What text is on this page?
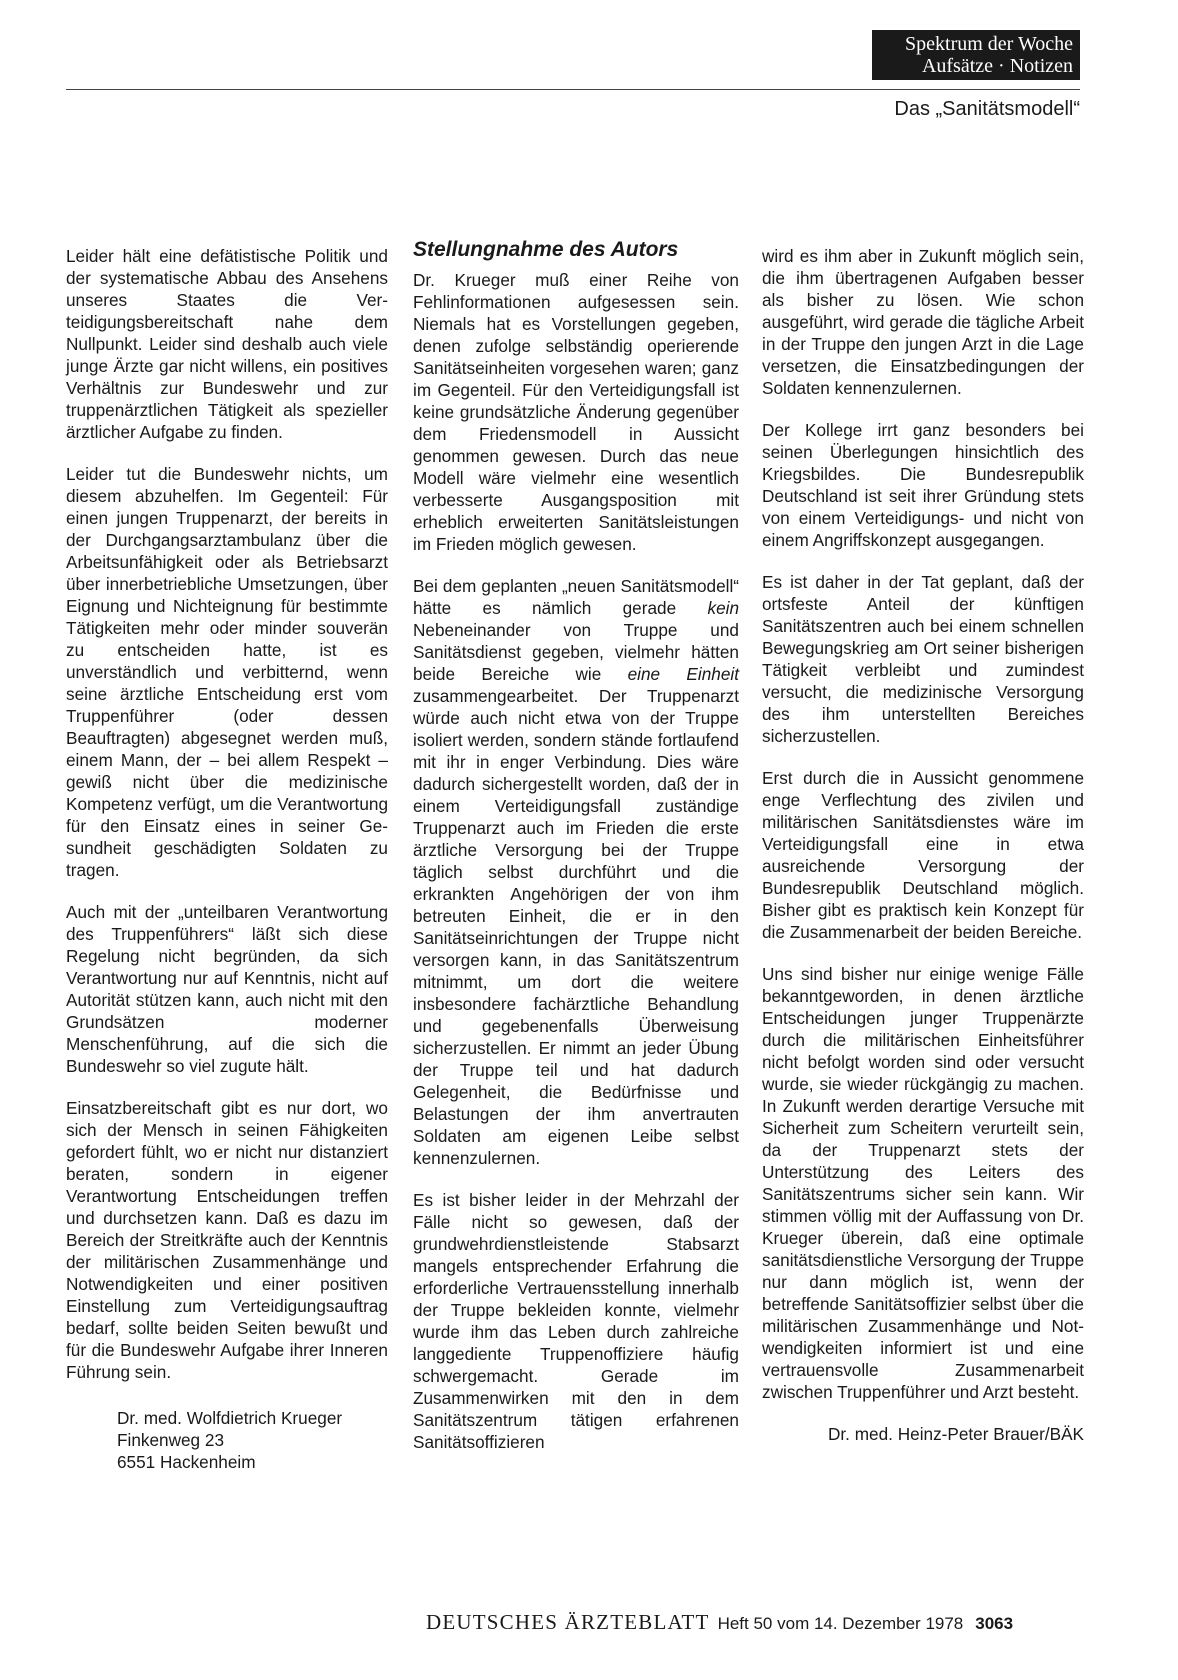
Spektrum der Woche
Aufsätze · Notizen
Das „Sanitätsmodell“

Leider hält eine defätistische Politik und der systematische Abbau des Ansehens unseres Staates die Verteidigungsbereitschaft nahe dem Nullpunkt. Leider sind deshalb auch viele junge Ärzte gar nicht willens, ein positives Verhältnis zur Bundeswehr und zur truppenärztlichen Tätigkeit als spezieller ärztlicher Aufgabe zu finden.

Leider tut die Bundeswehr nichts, um diesem abzuhelfen. Im Gegenteil: Für einen jungen Truppenarzt, der bereits in der Durchgangsarztambulanz über die Arbeitsunfähigkeit oder als Betriebsarzt über innerbetriebliche Umsetzungen, über Eignung und Nichteignung für bestimmte Tätigkeiten mehr oder minder souverän zu entscheiden hatte, ist es unverständlich und verbitternd, wenn seine ärztliche Entscheidung erst vom Truppenführer (oder dessen Beauftragten) abgesegnet werden muß, einem Mann, der – bei allem Respekt – gewiß nicht über die medizinische Kompetenz verfügt, um die Verantwortung für den Einsatz eines in seiner Gesundheit geschädigten Soldaten zu tragen.

Auch mit der „unteilbaren Verantwortung des Truppenführers“ läßt sich diese Regelung nicht begründen, da sich Verantwortung nur auf Kenntnis, nicht auf Autorität stützen kann, auch nicht mit den Grundsätzen moderner Menschenführung, auf die sich die Bundeswehr so viel zugute hält.

Einsatzbereitschaft gibt es nur dort, wo sich der Mensch in seinen Fähigkeiten gefordert fühlt, wo er nicht nur distanziert beraten, sondern in eigener Verantwortung Entscheidungen treffen und durchsetzen kann. Daß es dazu im Bereich der Streitkräfte auch der Kenntnis der militärischen Zusammenhänge und Notwendigkeiten und einer positiven Einstellung zum Verteidigungsauftrag bedarf, sollte beiden Seiten bewußt und für die Bundeswehr Aufgabe ihrer Inneren Führung sein.

Dr. med. Wolfdietrich Krueger
Finkenweg 23
6551 Hackenheim
Stellungnahme des Autors

Dr. Krueger muß einer Reihe von Fehlinformationen aufgesessen sein. Niemals hat es Vorstellungen gegeben, denen zufolge selbständig operierende Sanitätseinheiten vorgesehen waren; ganz im Gegenteil. Für den Verteidigungsfall ist keine grundsätzliche Änderung gegenüber dem Friedensmodell in Aussicht genommen gewesen. Durch das neue Modell wäre vielmehr eine wesentlich verbesserte Ausgangsposition mit erheblich erweiterten Sanitätsleistungen im Frieden möglich gewesen.

Bei dem geplanten „neuen Sanitätsmodell“ hätte es nämlich gerade kein Nebeneinander von Truppe und Sanitätsdienst gegeben, vielmehr hätten beide Bereiche wie eine Einheit zusammengearbeitet. Der Truppenarzt würde auch nicht etwa von der Truppe isoliert werden, sondern stände fortlaufend mit ihr in enger Verbindung. Dies wäre dadurch sichergestellt worden, daß der in einem Verteidigungsfall zuständige Truppenarzt auch im Frieden die erste ärztliche Versorgung bei der Truppe täglich selbst durchführt und die erkrankten Angehörigen der von ihm betreuten Einheit, die er in den Sanitätseinrichtungen der Truppe nicht versorgen kann, in das Sanitätszentrum mitnimmt, um dort die weitere insbesondere fachärztliche Behandlung und gegebenenfalls Überweisung sicherzustellen. Er nimmt an jeder Übung der Truppe teil und hat dadurch Gelegenheit, die Bedürfnisse und Belastungen der ihm anvertrauten Soldaten am eigenen Leibe selbst kennenzulernen.

Es ist bisher leider in der Mehrzahl der Fälle nicht so gewesen, daß der grundwehrdienstleistende Stabsarzt mangels entsprechender Erfahrung die erforderliche Vertrauensstellung innerhalb der Truppe bekleiden konnte, vielmehr wurde ihm das Leben durch zahlreiche langgediente Truppenoffiziere häufig schwergemacht. Gerade im Zusammenwirken mit den in dem Sanitätszentrum tätigen erfahrenen Sanitätsoffizieren

wird es ihm aber in Zukunft möglich sein, die ihm übertragenen Aufgaben besser als bisher zu lösen. Wie schon ausgeführt, wird gerade die tägliche Arbeit in der Truppe den jungen Arzt in die Lage versetzen, die Einsatzbedingungen der Soldaten kennenzulernen.

Der Kollege irrt ganz besonders bei seinen Überlegungen hinsichtlich des Kriegsbildes. Die Bundesrepublik Deutschland ist seit ihrer Gründung stets von einem Verteidigungs- und nicht von einem Angriffskonzept ausgegangen.

Es ist daher in der Tat geplant, daß der ortsfeste Anteil der künftigen Sanitätszentren auch bei einem schnellen Bewegungskrieg am Ort seiner bisherigen Tätigkeit verbleibt und zumindest versucht, die medizinische Versorgung des ihm unterstellten Bereiches sicherzustellen.

Erst durch die in Aussicht genommene enge Verflechtung des zivilen und militärischen Sanitätsdienstes wäre im Verteidigungsfall eine in etwa ausreichende Versorgung der Bundesrepublik Deutschland möglich. Bisher gibt es praktisch kein Konzept für die Zusammenarbeit der beiden Bereiche.

Uns sind bisher nur einige wenige Fälle bekanntgeworden, in denen ärztliche Entscheidungen junger Truppenärzte durch die militärischen Einheitsführer nicht befolgt worden sind oder versucht wurde, sie wieder rückgängig zu machen. In Zukunft werden derartige Versuche mit Sicherheit zum Scheitern verurteilt sein, da der Truppenarzt stets der Unterstützung des Leiters des Sanitätszentrums sicher sein kann. Wir stimmen völlig mit der Auffassung von Dr. Krueger überein, daß eine optimale sanitätsdienstliche Versorgung der Truppe nur dann möglich ist, wenn der betreffende Sanitätsoffizier selbst über die militärischen Zusammenhänge und Notwendigkeiten informiert ist und eine vertrauensvolle Zusammenarbeit zwischen Truppenführer und Arzt besteht.

Dr. med. Heinz-Peter Brauer/BÄK
DEUTSCHES ÄRZTEBLATT Heft 50 vom 14. Dezember 1978 3063
